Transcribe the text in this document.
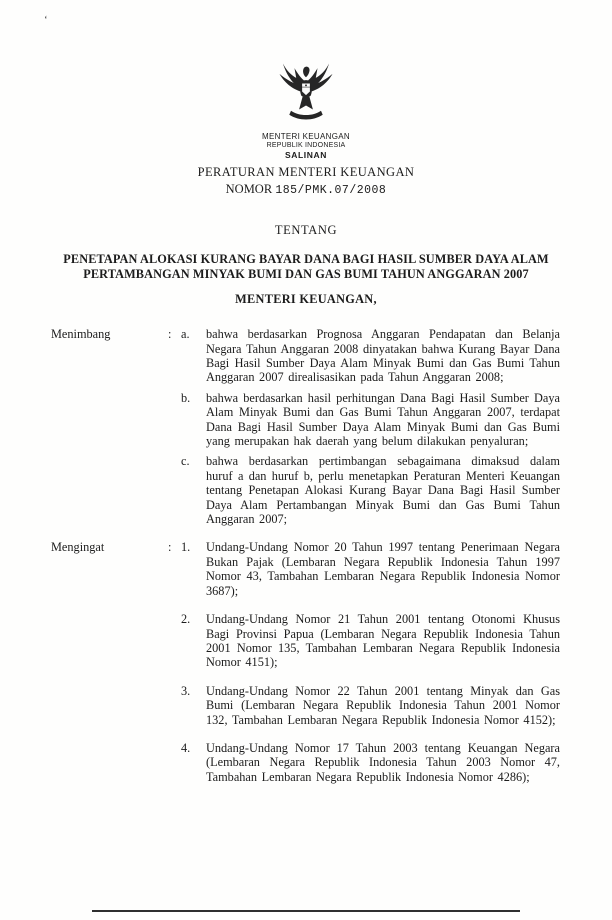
‘
MENTERI KEUANGAN
REPUBLIK INDONESIA
SALINAN
PERATURAN MENTERI KEUANGAN
NOMOR 185/PMK.07/2008
TENTANG
PENETAPAN ALOKASI KURANG BAYAR DANA BAGI HASIL SUMBER DAYA ALAM PERTAMBANGAN MINYAK BUMI DAN GAS BUMI TAHUN ANGGARAN 2007
MENTERI KEUANGAN,
Menimbang	: a.	bahwa berdasarkan Prognosa Anggaran Pendapatan dan Belanja Negara Tahun Anggaran 2008 dinyatakan bahwa Kurang Bayar Dana Bagi Hasil Sumber Daya Alam Minyak Bumi dan Gas Bumi Tahun Anggaran 2007 direalisasikan pada Tahun Anggaran 2008;

b.	bahwa berdasarkan hasil perhitungan Dana Bagi Hasil Sumber Daya Alam Minyak Bumi dan Gas Bumi Tahun Anggaran 2007, terdapat Dana Bagi Hasil Sumber Daya Alam Minyak Bumi dan Gas Bumi yang merupakan hak daerah yang belum dilakukan penyaluran;

c.	bahwa berdasarkan pertimbangan sebagaimana dimaksud dalam huruf a dan huruf b, perlu menetapkan Peraturan Menteri Keuangan tentang Penetapan Alokasi Kurang Bayar Dana Bagi Hasil Sumber Daya Alam Pertambangan Minyak Bumi dan Gas Bumi Tahun Anggaran 2007;

Mengingat	: 1.	Undang-Undang Nomor 20 Tahun 1997 tentang Penerimaan Negara Bukan Pajak (Lembaran Negara Republik Indonesia Tahun 1997 Nomor 43, Tambahan Lembaran Negara Republik Indonesia Nomor 3687);

2.	Undang-Undang Nomor 21 Tahun 2001 tentang Otonomi Khusus Bagi Provinsi Papua (Lembaran Negara Republik Indonesia Tahun 2001 Nomor 135, Tambahan Lembaran Negara Republik Indonesia Nomor 4151);

3.	Undang-Undang Nomor 22 Tahun 2001 tentang Minyak dan Gas Bumi (Lembaran Negara Republik Indonesia Tahun 2001 Nomor 132, Tambahan Lembaran Negara Republik Indonesia Nomor 4152);

4.	Undang-Undang Nomor 17 Tahun 2003 tentang Keuangan Negara (Lembaran Negara Republik Indonesia Tahun 2003 Nomor 47, Tambahan Lembaran Negara Republik Indonesia Nomor 4286);
